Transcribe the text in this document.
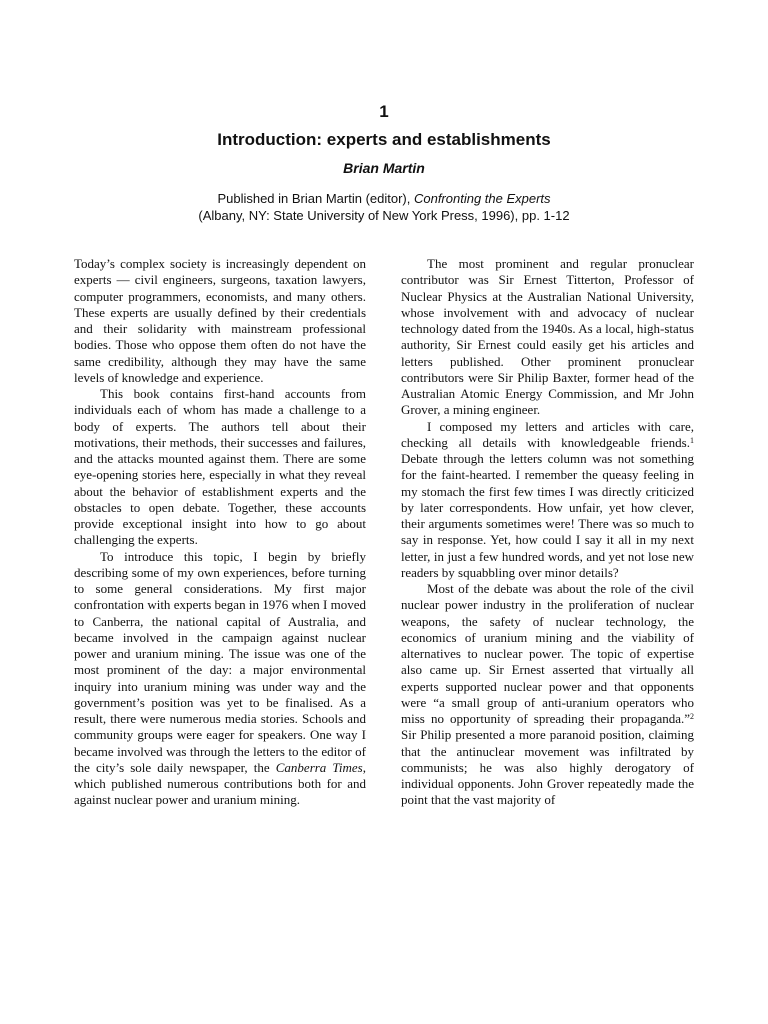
1
Introduction: experts and establishments
Brian Martin
Published in Brian Martin (editor), Confronting the Experts
(Albany, NY: State University of New York Press, 1996), pp. 1-12

Today’s complex society is increasingly dependent on experts — civil engineers, surgeons, taxation lawyers, computer programmers, economists, and many others. These experts are usually defined by their credentials and their solidarity with mainstream professional bodies. Those who oppose them often do not have the same credibility, although they may have the same levels of knowledge and experience.

This book contains first-hand accounts from individuals each of whom has made a challenge to a body of experts. The authors tell about their motivations, their methods, their successes and failures, and the attacks mounted against them. There are some eye-opening stories here, especially in what they reveal about the behavior of establishment experts and the obstacles to open debate. Together, these accounts provide exceptional insight into how to go about challenging the experts.

To introduce this topic, I begin by briefly describing some of my own experiences, before turning to some general considerations. My first major confrontation with experts began in 1976 when I moved to Canberra, the national capital of Australia, and became involved in the campaign against nuclear power and uranium mining. The issue was one of the most prominent of the day: a major environmental inquiry into uranium mining was under way and the government’s position was yet to be finalised. As a result, there were numerous media stories. Schools and community groups were eager for speakers. One way I became involved was through the letters to the editor of the city’s sole daily newspaper, the Canberra Times, which published numerous contributions both for and against nuclear power and uranium mining.

The most prominent and regular pronuclear contributor was Sir Ernest Titterton, Professor of Nuclear Physics at the Australian National University, whose involvement with and advocacy of nuclear technology dated from the 1940s. As a local, high-status authority, Sir Ernest could easily get his articles and letters published. Other prominent pronuclear contributors were Sir Philip Baxter, former head of the Australian Atomic Energy Commission, and Mr John Grover, a mining engineer.

I composed my letters and articles with care, checking all details with knowledgeable friends.$^1$ Debate through the letters column was not something for the faint-hearted. I remember the queasy feeling in my stomach the first few times I was directly criticized by later correspondents. How unfair, yet how clever, their arguments sometimes were! There was so much to say in response. Yet, how could I say it all in my next letter, in just a few hundred words, and yet not lose new readers by squabbling over minor details?

Most of the debate was about the role of the civil nuclear power industry in the proliferation of nuclear weapons, the safety of nuclear technology, the economics of uranium mining and the viability of alternatives to nuclear power. The topic of expertise also came up. Sir Ernest asserted that virtually all experts supported nuclear power and that opponents were “a small group of anti-uranium operators who miss no opportunity of spreading their propaganda.”$^2$ Sir Philip presented a more paranoid position, claiming that the antinuclear movement was infiltrated by communists; he was also highly derogatory of individual opponents. John Grover repeatedly made the point that the vast majority of
